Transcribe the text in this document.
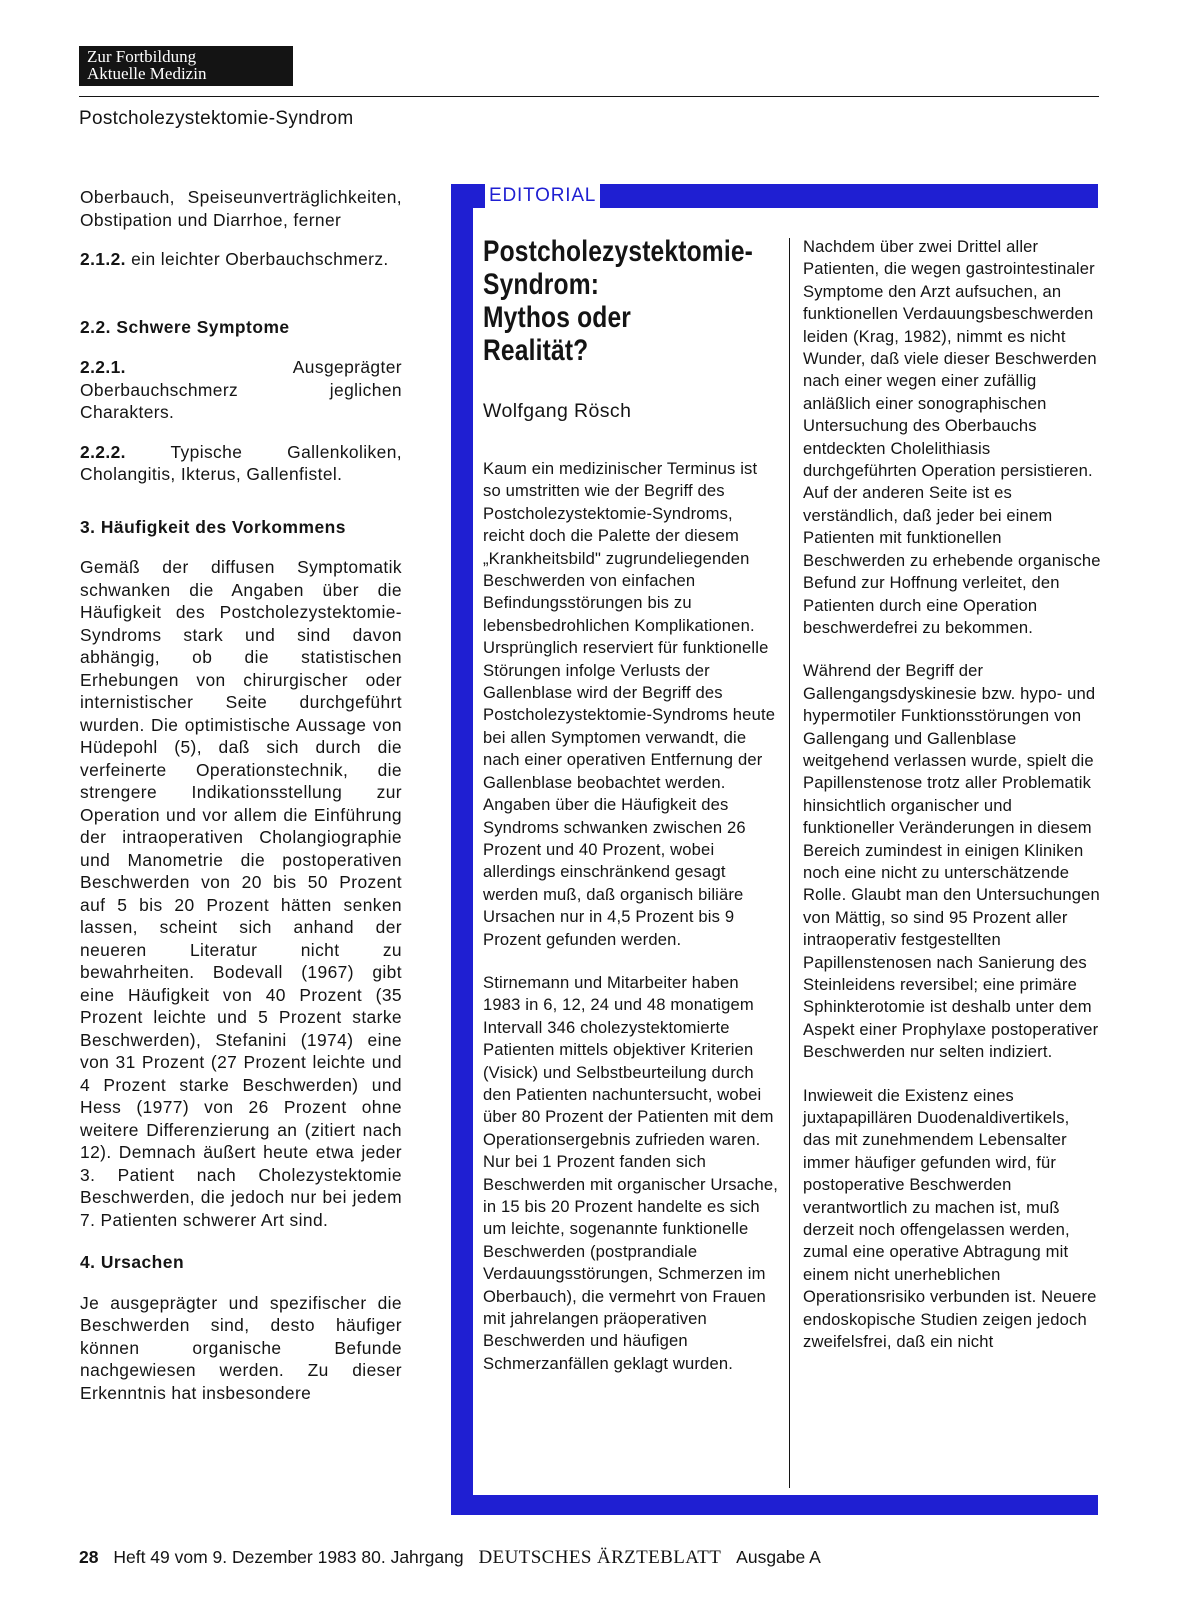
Zur Fortbildung
Aktuelle Medizin
Postcholezystektomie-Syndrom

Oberbauch, Speiseunverträglichkeiten, Obstipation und Diarrhoe, ferner

2.1.2. ein leichter Oberbauchschmerz.

2.2. Schwere Symptome

2.2.1. Ausgeprägter Oberbauchschmerz jeglichen Charakters.

2.2.2. Typische Gallenkoliken, Cholangitis, Ikterus, Gallenfistel.

3. Häufigkeit des Vorkommens

Gemäß der diffusen Symptomatik schwanken die Angaben über die Häufigkeit des Postcholezystektomie-Syndroms stark und sind davon abhängig, ob die statistischen Erhebungen von chirurgischer oder internistischer Seite durchgeführt wurden. Die optimistische Aussage von Hüdepohl (5), daß sich durch die verfeinerte Operationstechnik, die strengere Indikationsstellung zur Operation und vor allem die Einführung der intraoperativen Cholangiographie und Manometrie die postoperativen Beschwerden von 20 bis 50 Prozent auf 5 bis 20 Prozent hätten senken lassen, scheint sich anhand der neueren Literatur nicht zu bewahrheiten. Bodevall (1967) gibt eine Häufigkeit von 40 Prozent (35 Prozent leichte und 5 Prozent starke Beschwerden), Stefanini (1974) eine von 31 Prozent (27 Prozent leichte und 4 Prozent starke Beschwerden) und Hess (1977) von 26 Prozent ohne weitere Differenzierung an (zitiert nach 12). Demnach äußert heute etwa jeder 3. Patient nach Cholezystektomie Beschwerden, die jedoch nur bei jedem 7. Patienten schwerer Art sind.

4. Ursachen

Je ausgeprägter und spezifischer die Beschwerden sind, desto häufiger können organische Befunde nachgewiesen werden. Zu dieser Erkenntnis hat insbesondere

EDITORIAL
Postcholezystektomie-
Syndrom:
Mythos oder Realität?
Wolfgang Rösch

Kaum ein medizinischer Terminus ist so umstritten wie der Begriff des Postcholezystektomie-Syndroms, reicht doch die Palette der diesem „Krankheitsbild" zugrundeliegenden Beschwerden von einfachen Befindungsstörungen bis zu lebensbedrohlichen Komplikationen. Ursprünglich reserviert für funktionelle Störungen infolge Verlusts der Gallenblase wird der Begriff des Postcholezystektomie-Syndroms heute bei allen Symptomen verwandt, die nach einer operativen Entfernung der Gallenblase beobachtet werden. Angaben über die Häufigkeit des Syndroms schwanken zwischen 26 Prozent und 40 Prozent, wobei allerdings einschränkend gesagt werden muß, daß organisch biliäre Ursachen nur in 4,5 Prozent bis 9 Prozent gefunden werden.

Stirnemann und Mitarbeiter haben 1983 in 6, 12, 24 und 48 monatigem Intervall 346 cholezystektomierte Patienten mittels objektiver Kriterien (Visick) und Selbstbeurteilung durch den Patienten nachuntersucht, wobei über 80 Prozent der Patienten mit dem Operationsergebnis zufrieden waren. Nur bei 1 Prozent fanden sich Beschwerden mit organischer Ursache, in 15 bis 20 Prozent handelte es sich um leichte, sogenannte funktionelle Beschwerden (postprandiale Verdauungsstörungen, Schmerzen im Oberbauch), die vermehrt von Frauen mit jahrelangen präoperativen Beschwerden und häufigen Schmerzanfällen geklagt wurden.

Nachdem über zwei Drittel aller Patienten, die wegen gastrointestinaler Symptome den Arzt aufsuchen, an funktionellen Verdauungsbeschwerden leiden (Krag, 1982), nimmt es nicht Wunder, daß viele dieser Beschwerden nach einer wegen einer zufällig anläßlich einer sonographischen Untersuchung des Oberbauchs entdeckten Cholelithiasis durchgeführten Operation persistieren. Auf der anderen Seite ist es verständlich, daß jeder bei einem Patienten mit funktionellen Beschwerden zu erhebende organische Befund zur Hoffnung verleitet, den Patienten durch eine Operation beschwerdefrei zu bekommen.

Während der Begriff der Gallengangsdyskinesie bzw. hypo- und hypermotiler Funktionsstörungen von Gallengang und Gallenblase weitgehend verlassen wurde, spielt die Papillenstenose trotz aller Problematik hinsichtlich organischer und funktioneller Veränderungen in diesem Bereich zumindest in einigen Kliniken noch eine nicht zu unterschätzende Rolle. Glaubt man den Untersuchungen von Mättig, so sind 95 Prozent aller intraoperativ festgestellten Papillenstenosen nach Sanierung des Steinleidens reversibel; eine primäre Sphinkterotomie ist deshalb unter dem Aspekt einer Prophylaxe postoperativer Beschwerden nur selten indiziert.

Inwieweit die Existenz eines juxtapapillären Duodenaldivertikels, das mit zunehmendem Lebensalter immer häufiger gefunden wird, für postoperative Beschwerden verantwortlich zu machen ist, muß derzeit noch offengelassen werden, zumal eine operative Abtragung mit einem nicht unerheblichen Operationsrisiko verbunden ist. Neuere endoskopische Studien zeigen jedoch zweifelsfrei, daß ein nicht

28 Heft 49 vom 9. Dezember 1983 80. Jahrgang DEUTSCHES ÄRZTEBLATT Ausgabe A
